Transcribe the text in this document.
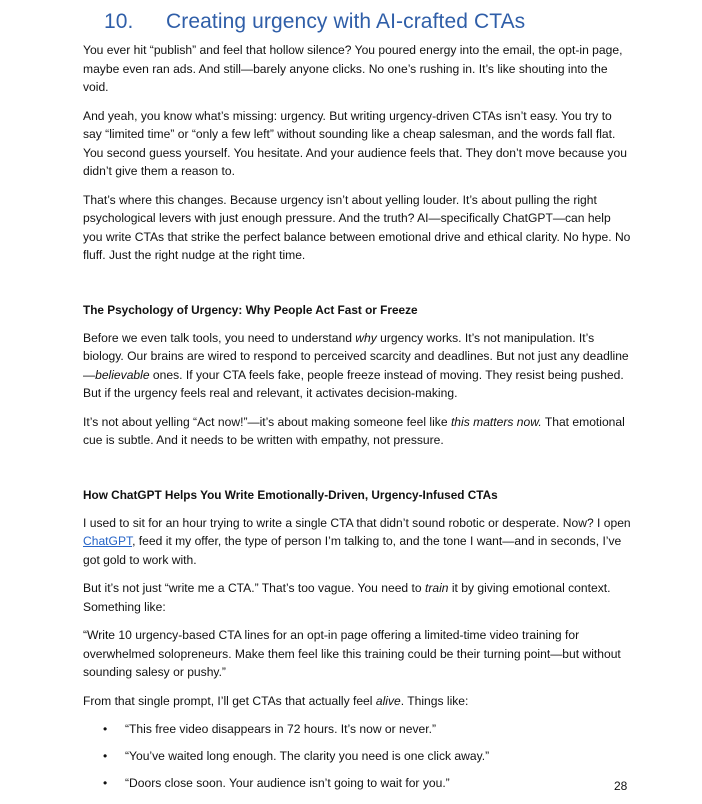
10. Creating urgency with AI-crafted CTAs

You ever hit “publish” and feel that hollow silence? You poured energy into the email, the opt-in page, maybe even ran ads. And still—barely anyone clicks. No one’s rushing in. It’s like shouting into the void.

And yeah, you know what’s missing: urgency. But writing urgency-driven CTAs isn’t easy. You try to say “limited time” or “only a few left” without sounding like a cheap salesman, and the words fall flat. You second guess yourself. You hesitate. And your audience feels that. They don’t move because you didn’t give them a reason to.

That’s where this changes. Because urgency isn’t about yelling louder. It’s about pulling the right psychological levers with just enough pressure. And the truth? AI—specifically ChatGPT—can help you write CTAs that strike the perfect balance between emotional drive and ethical clarity. No hype. No fluff. Just the right nudge at the right time.

The Psychology of Urgency: Why People Act Fast or Freeze

Before we even talk tools, you need to understand why urgency works. It’s not manipulation. It’s biology. Our brains are wired to respond to perceived scarcity and deadlines. But not just any deadline—believable ones. If your CTA feels fake, people freeze instead of moving. They resist being pushed. But if the urgency feels real and relevant, it activates decision-making.

It’s not about yelling “Act now!”—it’s about making someone feel like this matters now. That emotional cue is subtle. And it needs to be written with empathy, not pressure.

How ChatGPT Helps You Write Emotionally-Driven, Urgency-Infused CTAs

I used to sit for an hour trying to write a single CTA that didn’t sound robotic or desperate. Now? I open ChatGPT, feed it my offer, the type of person I’m talking to, and the tone I want—and in seconds, I’ve got gold to work with.

But it’s not just “write me a CTA.” That’s too vague. You need to train it by giving emotional context. Something like:

“Write 10 urgency-based CTA lines for an opt-in page offering a limited-time video training for overwhelmed solopreneurs. Make them feel like this training could be their turning point—but without sounding salesy or pushy.”

From that single prompt, I’ll get CTAs that actually feel alive. Things like:

• “This free video disappears in 72 hours. It’s now or never.”
• “You’ve waited long enough. The clarity you need is one click away.”
• “Doors close soon. Your audience isn’t going to wait for you.”	28
